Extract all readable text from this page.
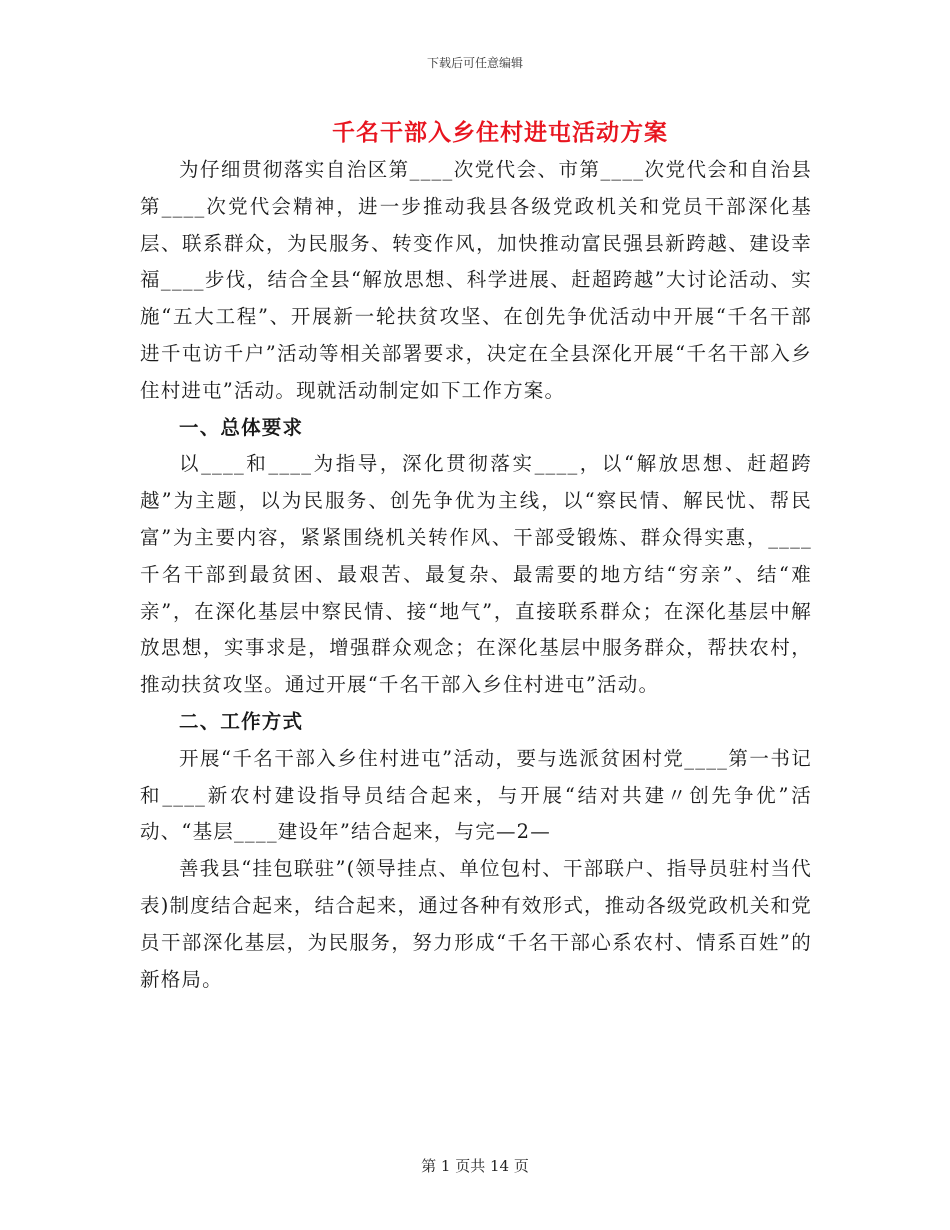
下载后可任意编辑
千名干部入乡住村进屯活动方案

为仔细贯彻落实自治区第____次党代会、市第____次党代会和自治县第____次党代会精神，进一步推动我县各级党政机关和党员干部深化基层、联系群众，为民服务、转变作风，加快推动富民强县新跨越、建设幸福____步伐，结合全县“解放思想、科学进展、赶超跨越”大讨论活动、实施“五大工程”、开展新一轮扶贫攻坚、在创先争优活动中开展“千名干部进千屯访千户”活动等相关部署要求，决定在全县深化开展“千名干部入乡住村进屯”活动。现就活动制定如下工作方案。

一、总体要求

以____和____为指导，深化贯彻落实____，以“解放思想、赶超跨越”为主题，以为民服务、创先争优为主线，以“察民情、解民忧、帮民富”为主要内容，紧紧围绕机关转作风、干部受锻炼、群众得实惠，____千名干部到最贫困、最艰苦、最复杂、最需要的地方结“穷亲”、结“难亲”，在深化基层中察民情、接“地气”，直接联系群众；在深化基层中解放思想，实事求是，增强群众观念；在深化基层中服务群众，帮扶农村，推动扶贫攻坚。通过开展“千名干部入乡住村进屯”活动。

二、工作方式

开展“千名干部入乡住村进屯”活动，要与选派贫困村党____第一书记和____新农村建设指导员结合起来，与开展“结对共建〃创先争优”活动、“基层____建设年”结合起来，与完—2—

善我县“挂包联驻”(领导挂点、单位包村、干部联户、指导员驻村当代表)制度结合起来，结合起来，通过各种有效形式，推动各级党政机关和党员干部深化基层，为民服务，努力形成“千名干部心系农村、情系百姓”的新格局。

第 1 页共 14 页
